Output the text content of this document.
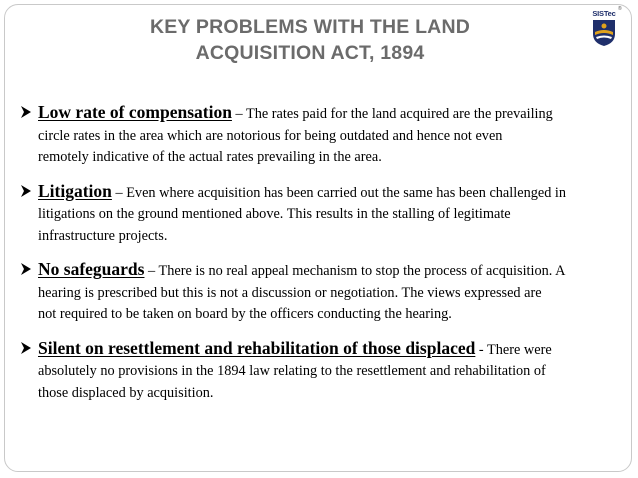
KEY PROBLEMS WITH THE LAND
ACQUISITION ACT, 1894
SISTec ®

Low rate of compensation – The rates paid for the land acquired are the prevailing
circle rates in the area which are notorious for being outdated and hence not even
remotely indicative of the actual rates prevailing in the area.

Litigation – Even where acquisition has been carried out the same has been challenged in
litigations on the ground mentioned above. This results in the stalling of legitimate
infrastructure projects.

No safeguards – There is no real appeal mechanism to stop the process of acquisition. A
hearing is prescribed but this is not a discussion or negotiation. The views expressed are
not required to be taken on board by the officers conducting the hearing.

Silent on resettlement and rehabilitation of those displaced - There were
absolutely no provisions in the 1894 law relating to the resettlement and rehabilitation of
those displaced by acquisition.
